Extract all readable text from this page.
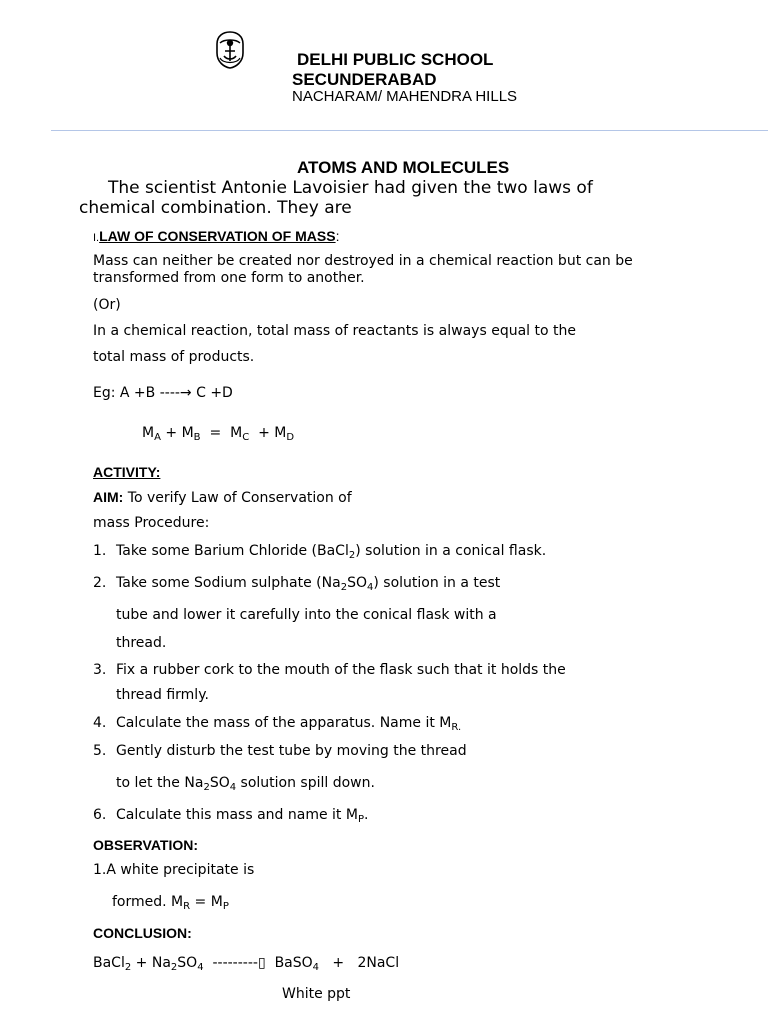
DELHI PUBLIC SCHOOL
SECUNDERABAD
NACHARAM/ MAHENDRA HILLS
ATOMS AND MOLECULES
The scientist Antonie Lavoisier had given the two laws of
chemical combination. They are
I.LAW OF CONSERVATION OF MASS:
Mass can neither be created nor destroyed in a chemical reaction but can be
transformed from one form to another.
(Or)
In a chemical reaction, total mass of reactants is always equal to the
total mass of products.
Eg: A +B ----→ C +D
$M_A + M_B = M_C + M_D$
ACTIVITY:
AIM: To verify Law of Conservation of
mass Procedure:
1. Take some Barium Chloride (BaCl$_2$) solution in a conical flask.
2. Take some Sodium sulphate $(Na_2SO_4)$ solution in a test
tube and lower it carefully into the conical flask with a
thread.
3. Fix a rubber cork to the mouth of the flask such that it holds the
thread firmly.
4. Calculate the mass of the apparatus. Name it $M_{R.}$
5. Gently disturb the test tube by moving the thread
to let the $Na_2SO_4$ solution spill down.
6. Calculate this mass and name it $M_P$.
OBSERVATION:
1.A white precipitate is
formed. $M_R = M_P$
CONCLUSION:
BaCl$_2$ + $Na_2SO_4$  ---------▯  BaSO$_4$   +   2NaCl
White ppt
